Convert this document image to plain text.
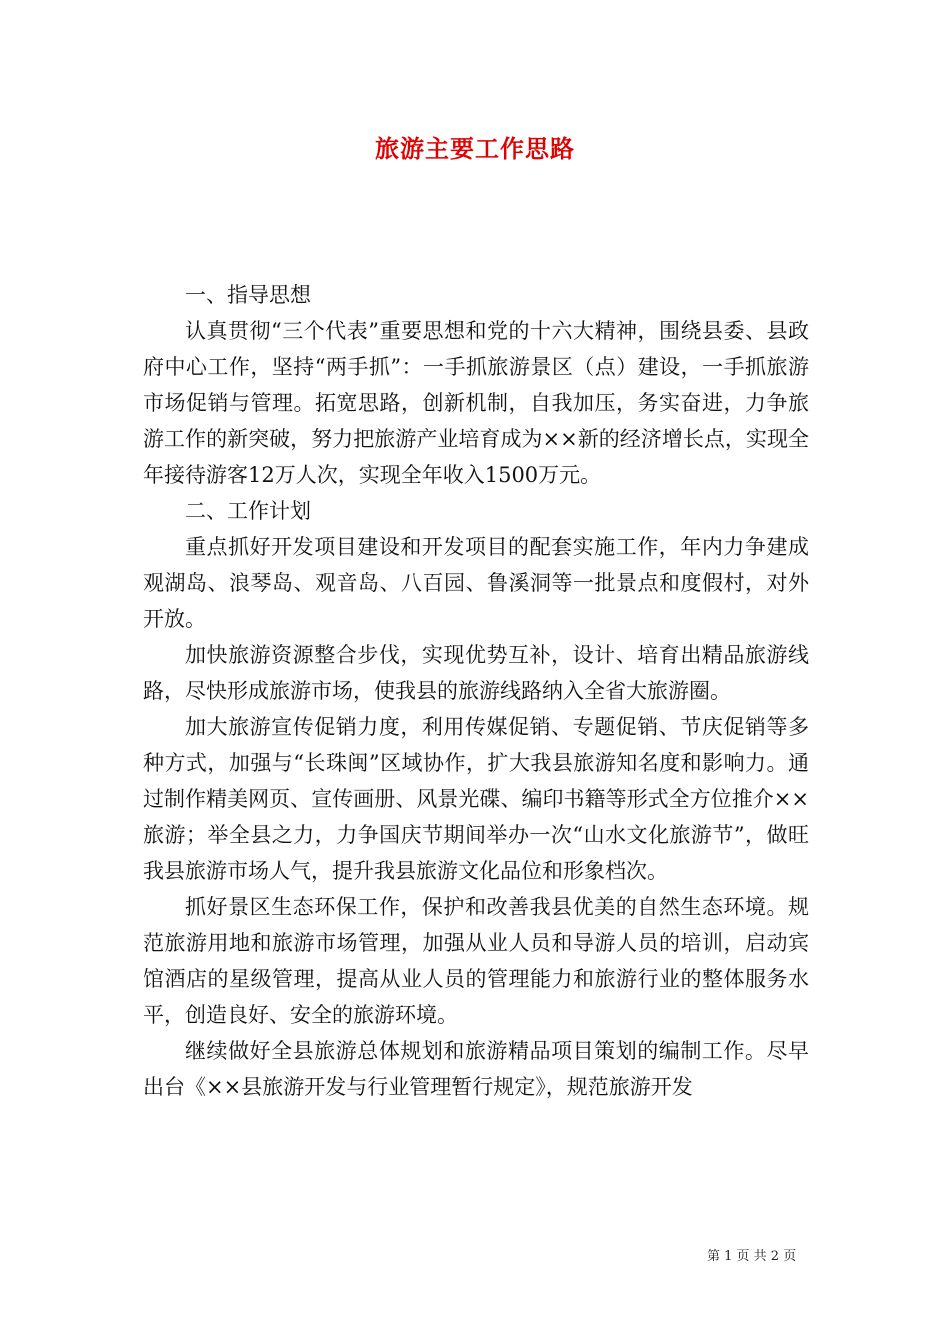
旅游主要工作思路

一、指导思想

认真贯彻“三个代表”重要思想和党的十六大精神，围绕县委、县政府中心工作，坚持“两手抓”：一手抓旅游景区（点）建设，一手抓旅游市场促销与管理。拓宽思路，创新机制，自我加压，务实奋进，力争旅游工作的新突破，努力把旅游产业培育成为××新的经济增长点，实现全年接待游客12万人次，实现全年收入1500万元。

二、工作计划

重点抓好开发项目建设和开发项目的配套实施工作，年内力争建成观湖岛、浪琴岛、观音岛、八百园、鲁溪洞等一批景点和度假村，对外开放。

加快旅游资源整合步伐，实现优势互补，设计、培育出精品旅游线路，尽快形成旅游市场，使我县的旅游线路纳入全省大旅游圈。

加大旅游宣传促销力度，利用传媒促销、专题促销、节庆促销等多种方式，加强与“长珠闽”区域协作，扩大我县旅游知名度和影响力。通过制作精美网页、宣传画册、风景光碟、编印书籍等形式全方位推介××旅游；举全县之力，力争国庆节期间举办一次“山水文化旅游节”，做旺我县旅游市场人气，提升我县旅游文化品位和形象档次。

抓好景区生态环保工作，保护和改善我县优美的自然生态环境。规范旅游用地和旅游市场管理，加强从业人员和导游人员的培训，启动宾馆酒店的星级管理，提高从业人员的管理能力和旅游行业的整体服务水平，创造良好、安全的旅游环境。

继续做好全县旅游总体规划和旅游精品项目策划的编制工作。尽早出台《××县旅游开发与行业管理暂行规定》，规范旅游开发

第 1 页 共 2 页
